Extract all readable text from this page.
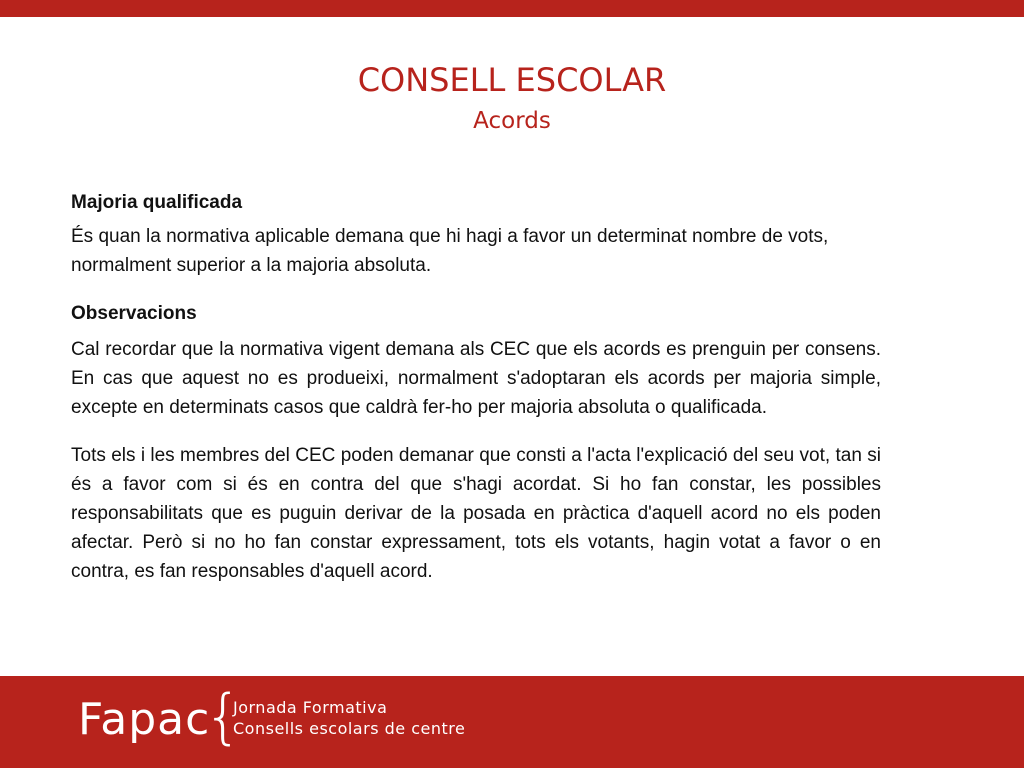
CONSELL ESCOLAR
Acords
Majoria qualificada

És quan la normativa aplicable demana que hi hagi a favor un determinat nombre de vots, normalment superior a la majoria absoluta.

Observacions

Cal recordar que la normativa vigent demana als CEC que els acords es prenguin per consens. En cas que aquest no es produeixi, normalment s'adoptaran els acords per majoria simple, excepte en determinats casos que caldrà fer-ho per majoria absoluta o qualificada.

Tots els i les membres del CEC poden demanar que consti a l'acta l'explicació del seu vot, tan si és a favor com si és en contra del que s'hagi acordat. Si ho fan constar, les possibles responsabilitats que es puguin derivar de la posada en pràctica d'aquell acord no els poden afectar. Però si no ho fan constar expressament, tots els votants, hagin votat a favor o en contra, es fan responsables d'aquell acord.

Fapac
{
Jornada Formativa
Consells escolars de centre
